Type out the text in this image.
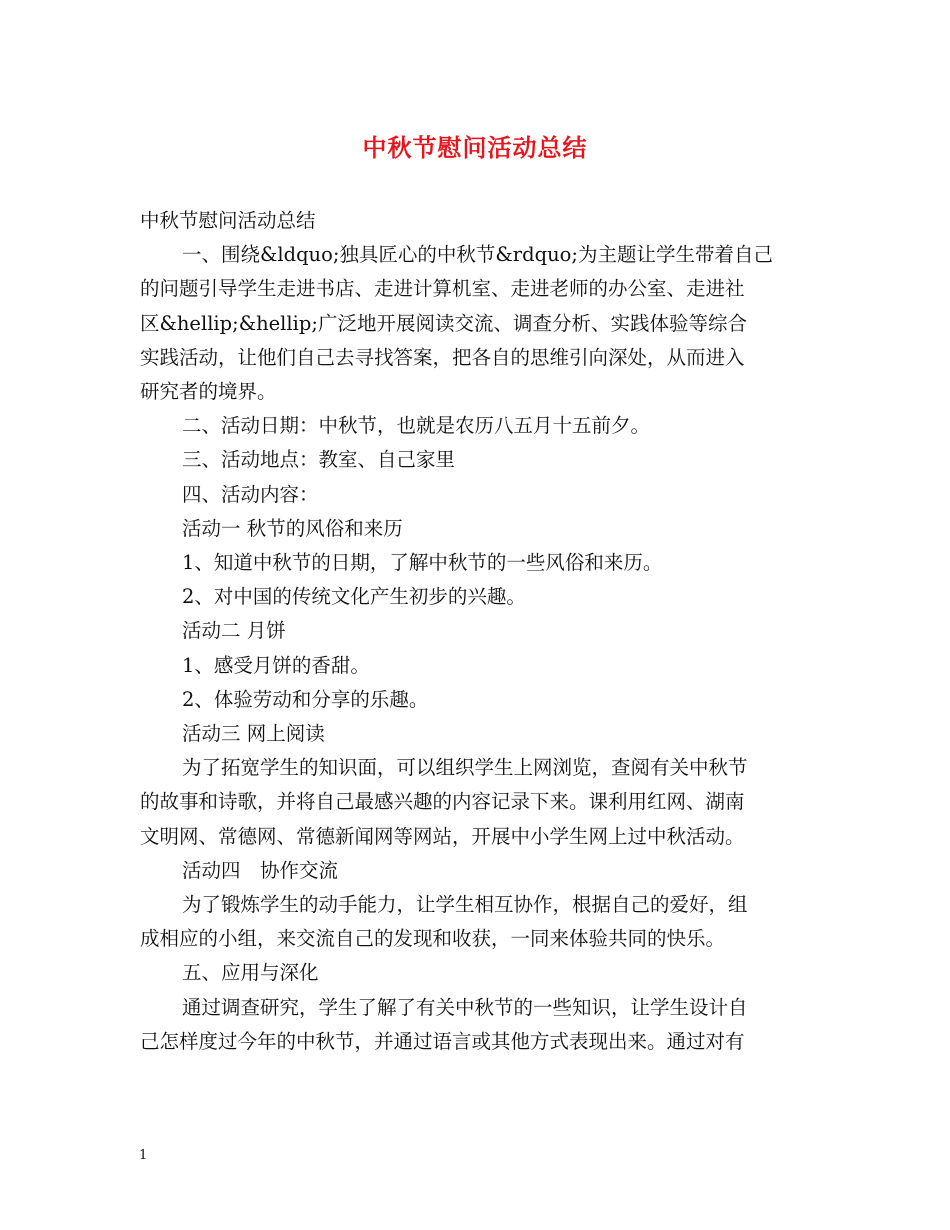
中秋节慰问活动总结

中秋节慰问活动总结

一、围绕&ldquo;独具匠心的中秋节&rdquo;为主题让学生带着自己

的问题引导学生走进书店、走进计算机室、走进老师的办公室、走进社

区&hellip;&hellip;广泛地开展阅读交流、调查分析、实践体验等综合

实践活动，让他们自己去寻找答案，把各自的思维引向深处，从而进入

研究者的境界。

二、活动日期：中秋节，也就是农历八五月十五前夕。

三、活动地点：教室、自己家里

四、活动内容：

活动一 秋节的风俗和来历

1、知道中秋节的日期，了解中秋节的一些风俗和来历。

2、对中国的传统文化产生初步的兴趣。

活动二 月饼

1、感受月饼的香甜。

2、体验劳动和分享的乐趣。

活动三 网上阅读

为了拓宽学生的知识面，可以组织学生上网浏览，查阅有关中秋节

的故事和诗歌，并将自己最感兴趣的内容记录下来。课利用红网、湖南

文明网、常德网、常德新闻网等网站，开展中小学生网上过中秋活动。

活动四　协作交流

为了锻炼学生的动手能力，让学生相互协作，根据自己的爱好，组

成相应的小组，来交流自己的发现和收获，一同来体验共同的快乐。

五、应用与深化

通过调查研究，学生了解了有关中秋节的一些知识，让学生设计自

己怎样度过今年的中秋节，并通过语言或其他方式表现出来。通过对有

1
